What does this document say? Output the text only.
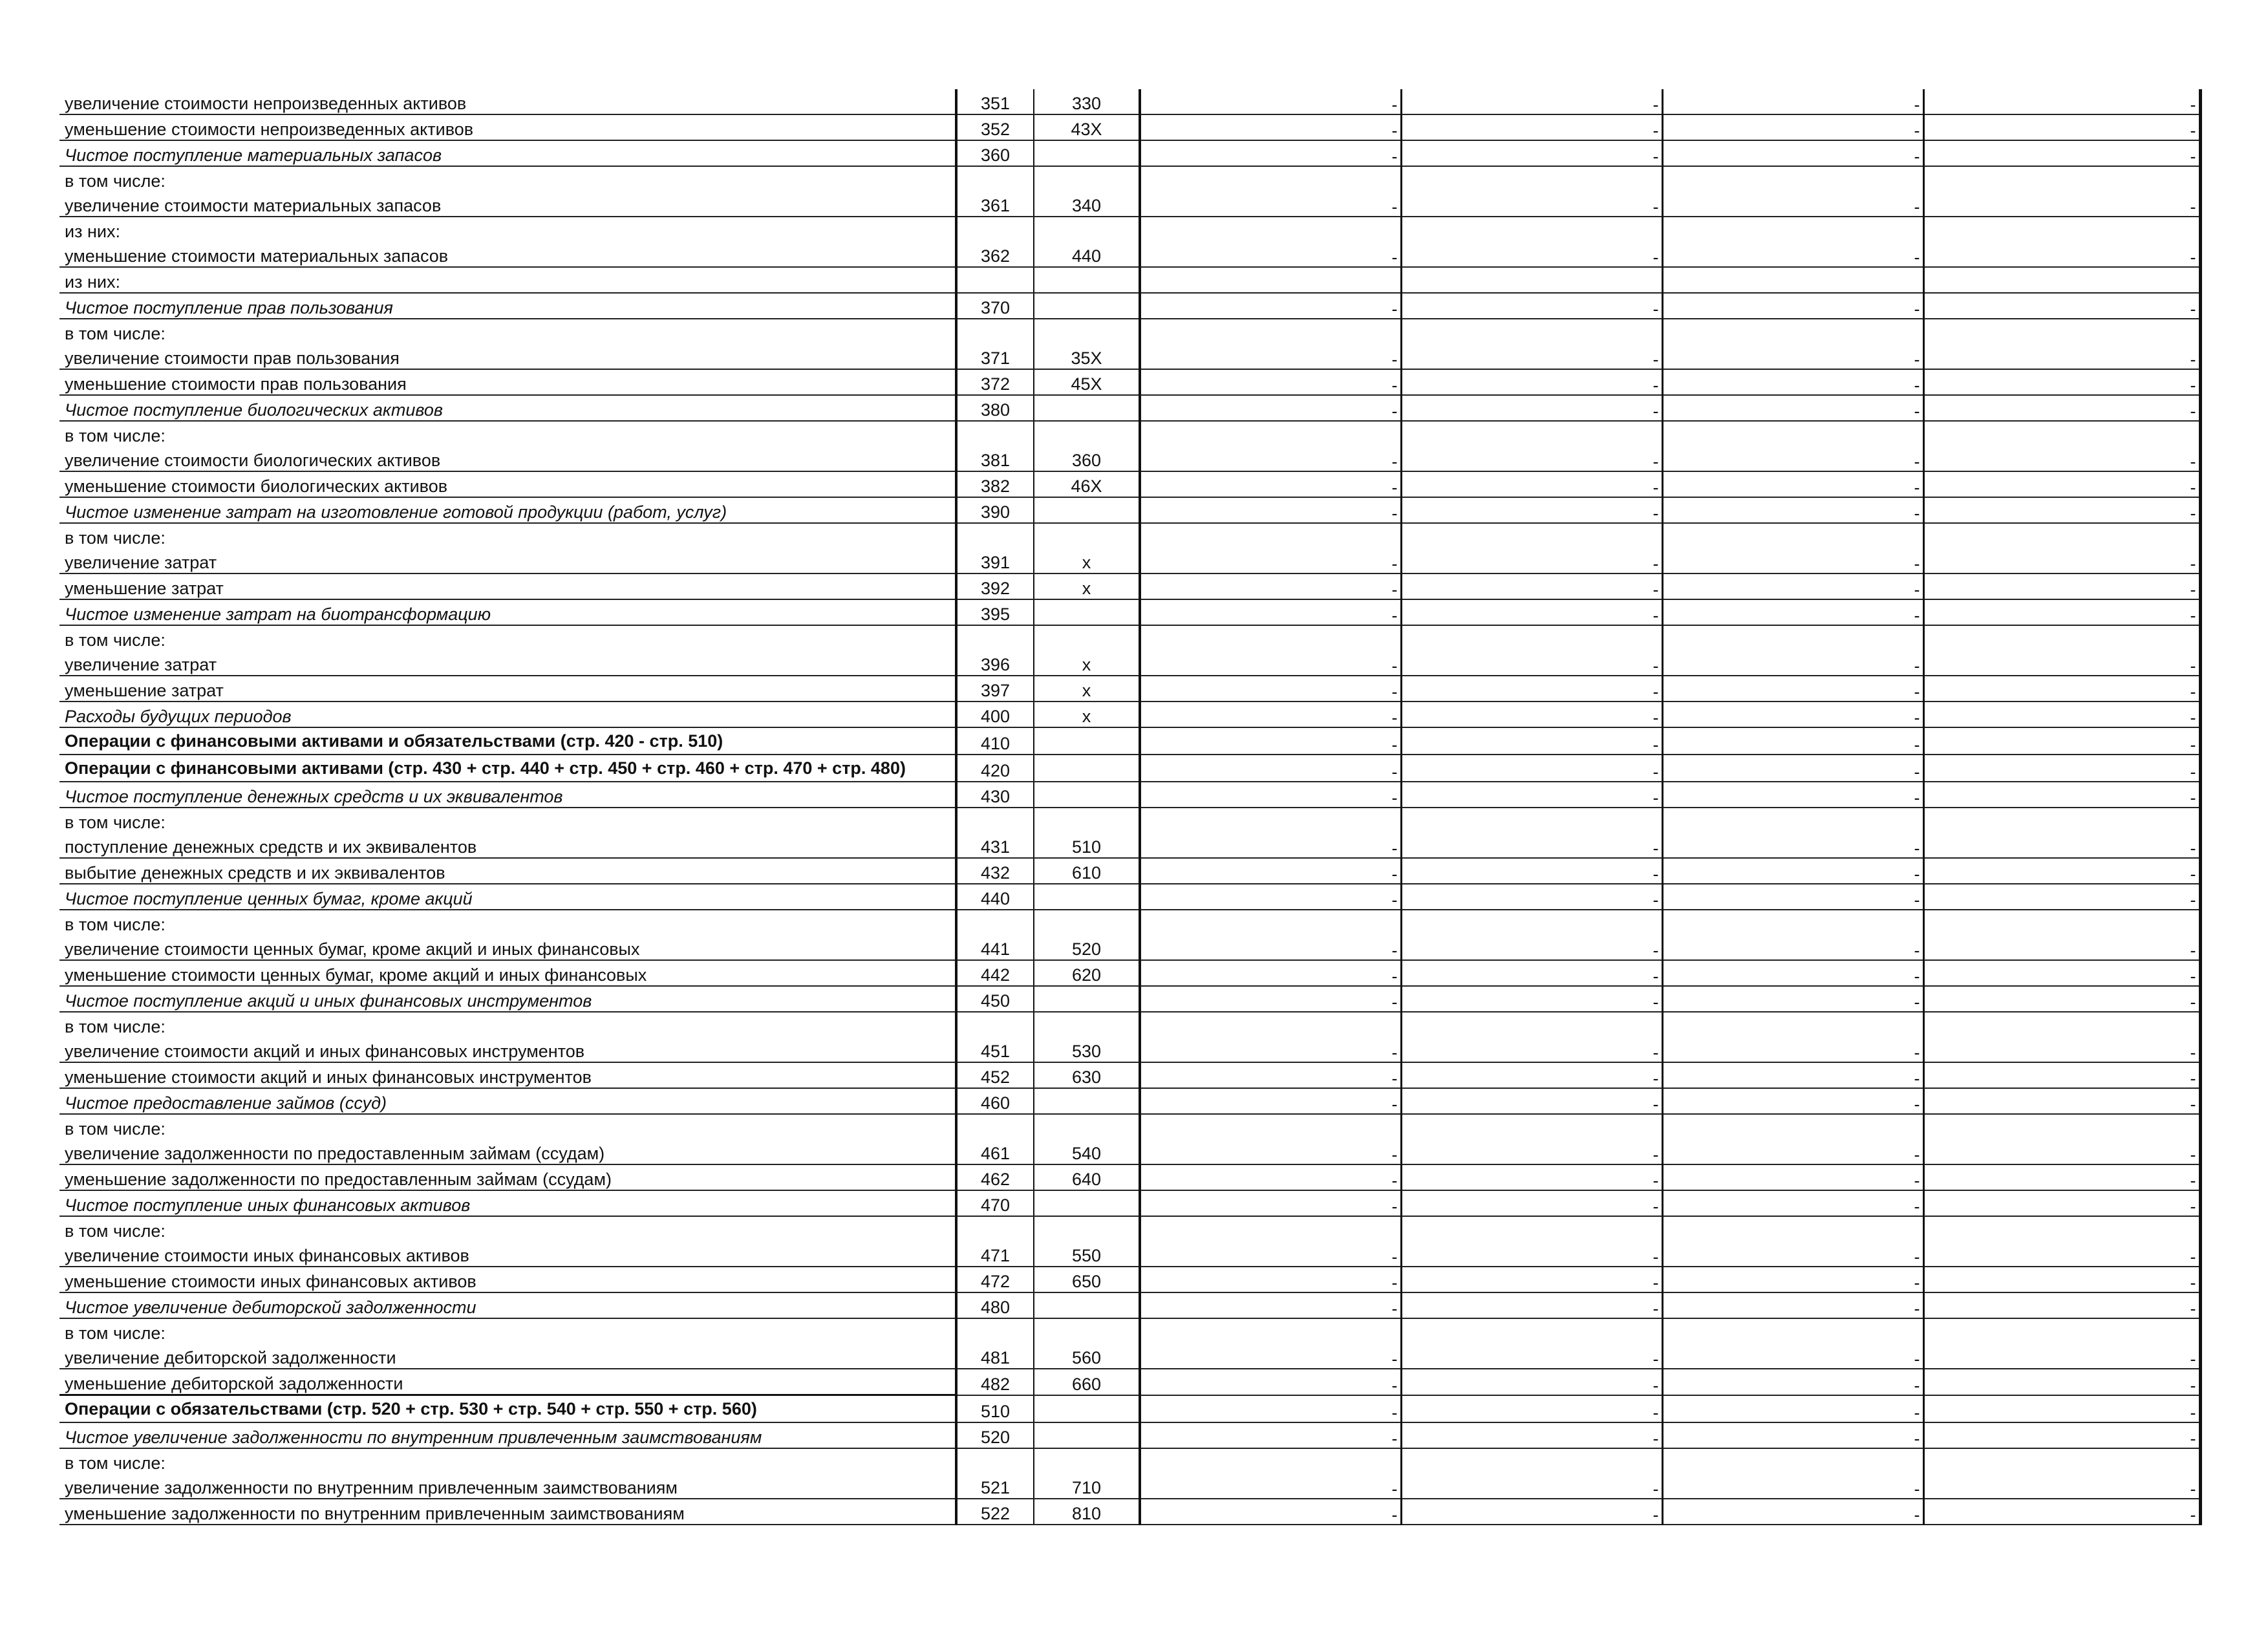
увеличение стоимости непроизведенных активов	351	330	-	-	-	-
уменьшение стоимости непроизведенных активов	352	43X	-	-	-	-
Чистое поступление материальных запасов	360		-	-	-	-
в том числе:						
увеличение стоимости материальных запасов	361	340	-	-	-	-
из них:						
уменьшение стоимости материальных запасов	362	440	-	-	-	-
из них:						
Чистое поступление прав пользования	370		-	-	-	-
в том числе:						
увеличение стоимости прав пользования	371	35X	-	-	-	-
уменьшение стоимости прав пользования	372	45X	-	-	-	-
Чистое поступление биологических активов	380		-	-	-	-
в том числе:						
увеличение стоимости биологических активов	381	360	-	-	-	-
уменьшение стоимости биологических активов	382	46X	-	-	-	-
Чистое изменение затрат на изготовление готовой продукции (работ, услуг)	390		-	-	-	-
в том числе:						
увеличение затрат	391	x	-	-	-	-
уменьшение затрат	392	x	-	-	-	-
Чистое изменение затрат на биотрансформацию	395		-	-	-	-
в том числе:						
увеличение затрат	396	x	-	-	-	-
уменьшение затрат	397	x	-	-	-	-
Расходы будущих периодов	400	x	-	-	-	-
Операции с финансовыми активами и обязательствами (стр. 420 - стр. 510)	410		-	-	-	-
Операции с финансовыми активами (стр. 430 + стр. 440 + стр. 450 + стр. 460 + стр. 470 + стр. 480)	420		-	-	-	-
Чистое поступление денежных средств и их эквивалентов	430		-	-	-	-
в том числе:						
поступление денежных средств и их эквивалентов	431	510	-	-	-	-
выбытие денежных средств и их эквивалентов	432	610	-	-	-	-
Чистое поступление ценных бумаг, кроме акций	440		-	-	-	-
в том числе:						
увеличение стоимости ценных бумаг, кроме акций и иных финансовых	441	520	-	-	-	-
уменьшение стоимости ценных бумаг, кроме акций и иных финансовых	442	620	-	-	-	-
Чистое поступление акций и иных финансовых инструментов	450		-	-	-	-
в том числе:						
увеличение стоимости акций и иных финансовых инструментов	451	530	-	-	-	-
уменьшение стоимости акций и иных финансовых инструментов	452	630	-	-	-	-
Чистое предоставление займов (ссуд)	460		-	-	-	-
в том числе:						
увеличение задолженности по предоставленным займам (ссудам)	461	540	-	-	-	-
уменьшение задолженности по предоставленным займам (ссудам)	462	640	-	-	-	-
Чистое поступление иных финансовых активов	470		-	-	-	-
в том числе:						
увеличение стоимости иных финансовых активов	471	550	-	-	-	-
уменьшение стоимости иных финансовых активов	472	650	-	-	-	-
Чистое увеличение дебиторской задолженности	480		-	-	-	-
в том числе:						
увеличение дебиторской задолженности	481	560	-	-	-	-
уменьшение дебиторской задолженности	482	660	-	-	-	-
Операции с обязательствами (стр. 520 + стр. 530 + стр. 540 + стр. 550 + стр. 560)	510		-	-	-	-
Чистое увеличение задолженности по внутренним привлеченным заимствованиям	520		-	-	-	-
в том числе:						
увеличение задолженности по внутренним привлеченным заимствованиям	521	710	-	-	-	-
уменьшение задолженности по внутренним привлеченным заимствованиям	522	810	-	-	-	-
